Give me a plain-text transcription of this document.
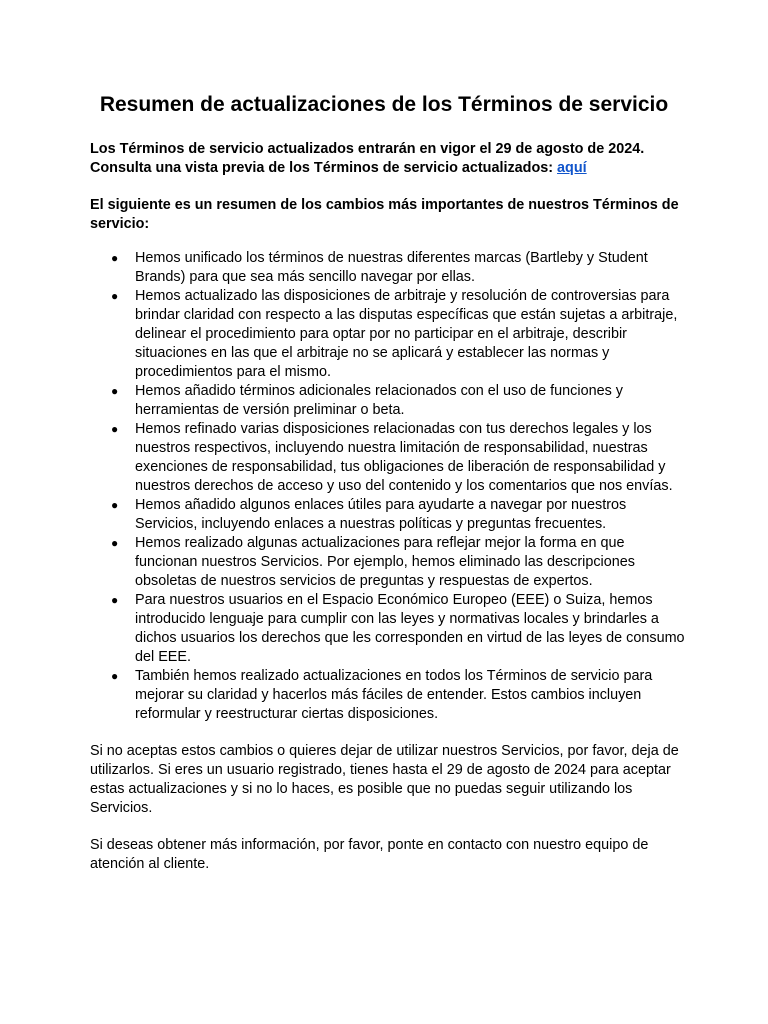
Resumen de actualizaciones de los Términos de servicio

Los Términos de servicio actualizados entrarán en vigor el 29 de agosto de 2024.

Consulta una vista previa de los Términos de servicio actualizados: aquí

El siguiente es un resumen de los cambios más importantes de nuestros Términos de servicio:

● Hemos unificado los términos de nuestras diferentes marcas (Bartleby y Student Brands) para que sea más sencillo navegar por ellas.
● Hemos actualizado las disposiciones de arbitraje y resolución de controversias para brindar claridad con respecto a las disputas específicas que están sujetas a arbitraje, delinear el procedimiento para optar por no participar en el arbitraje, describir situaciones en las que el arbitraje no se aplicará y establecer las normas y procedimientos para el mismo.
● Hemos añadido términos adicionales relacionados con el uso de funciones y herramientas de versión preliminar o beta.
● Hemos refinado varias disposiciones relacionadas con tus derechos legales y los nuestros respectivos, incluyendo nuestra limitación de responsabilidad, nuestras exenciones de responsabilidad, tus obligaciones de liberación de responsabilidad y nuestros derechos de acceso y uso del contenido y los comentarios que nos envías.
● Hemos añadido algunos enlaces útiles para ayudarte a navegar por nuestros Servicios, incluyendo enlaces a nuestras políticas y preguntas frecuentes.
● Hemos realizado algunas actualizaciones para reflejar mejor la forma en que funcionan nuestros Servicios. Por ejemplo, hemos eliminado las descripciones obsoletas de nuestros servicios de preguntas y respuestas de expertos.
● Para nuestros usuarios en el Espacio Económico Europeo (EEE) o Suiza, hemos introducido lenguaje para cumplir con las leyes y normativas locales y brindarles a dichos usuarios los derechos que les corresponden en virtud de las leyes de consumo del EEE.
● También hemos realizado actualizaciones en todos los Términos de servicio para mejorar su claridad y hacerlos más fáciles de entender. Estos cambios incluyen reformular y reestructurar ciertas disposiciones.

Si no aceptas estos cambios o quieres dejar de utilizar nuestros Servicios, por favor, deja de utilizarlos. Si eres un usuario registrado, tienes hasta el 29 de agosto de 2024 para aceptar estas actualizaciones y si no lo haces, es posible que no puedas seguir utilizando los Servicios.

Si deseas obtener más información, por favor, ponte en contacto con nuestro equipo de atención al cliente.
